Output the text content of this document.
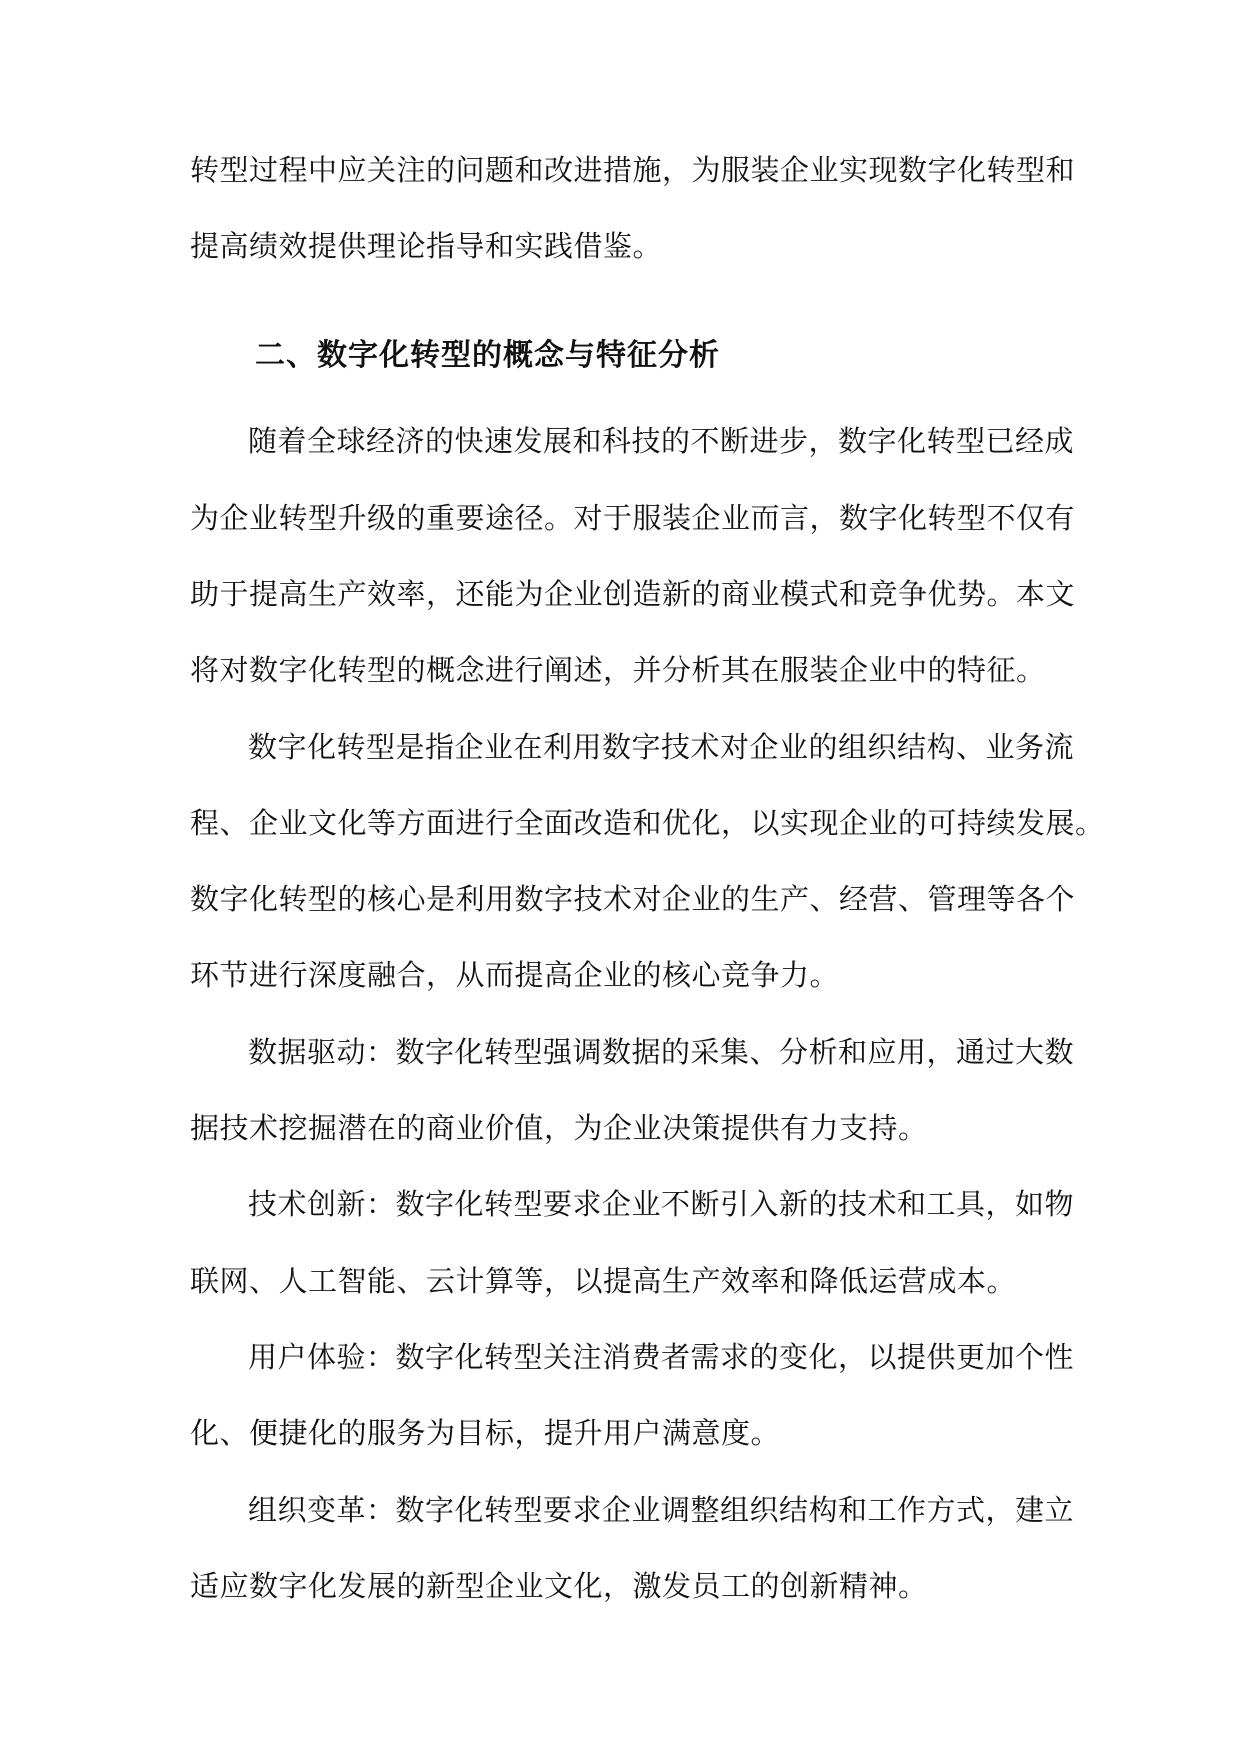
转型过程中应关注的问题和改进措施，为服装企业实现数字化转型和
提高绩效提供理论指导和实践借鉴。
二、数字化转型的概念与特征分析
随着全球经济的快速发展和科技的不断进步，数字化转型已经成
为企业转型升级的重要途径。对于服装企业而言，数字化转型不仅有
助于提高生产效率，还能为企业创造新的商业模式和竞争优势。本文
将对数字化转型的概念进行阐述，并分析其在服装企业中的特征。
数字化转型是指企业在利用数字技术对企业的组织结构、业务流
程、企业文化等方面进行全面改造和优化，以实现企业的可持续发展。
数字化转型的核心是利用数字技术对企业的生产、经营、管理等各个
环节进行深度融合，从而提高企业的核心竞争力。
数据驱动：数字化转型强调数据的采集、分析和应用，通过大数
据技术挖掘潜在的商业价值，为企业决策提供有力支持。
技术创新：数字化转型要求企业不断引入新的技术和工具，如物
联网、人工智能、云计算等，以提高生产效率和降低运营成本。
用户体验：数字化转型关注消费者需求的变化，以提供更加个性
化、便捷化的服务为目标，提升用户满意度。
组织变革：数字化转型要求企业调整组织结构和工作方式，建立
适应数字化发展的新型企业文化，激发员工的创新精神。
